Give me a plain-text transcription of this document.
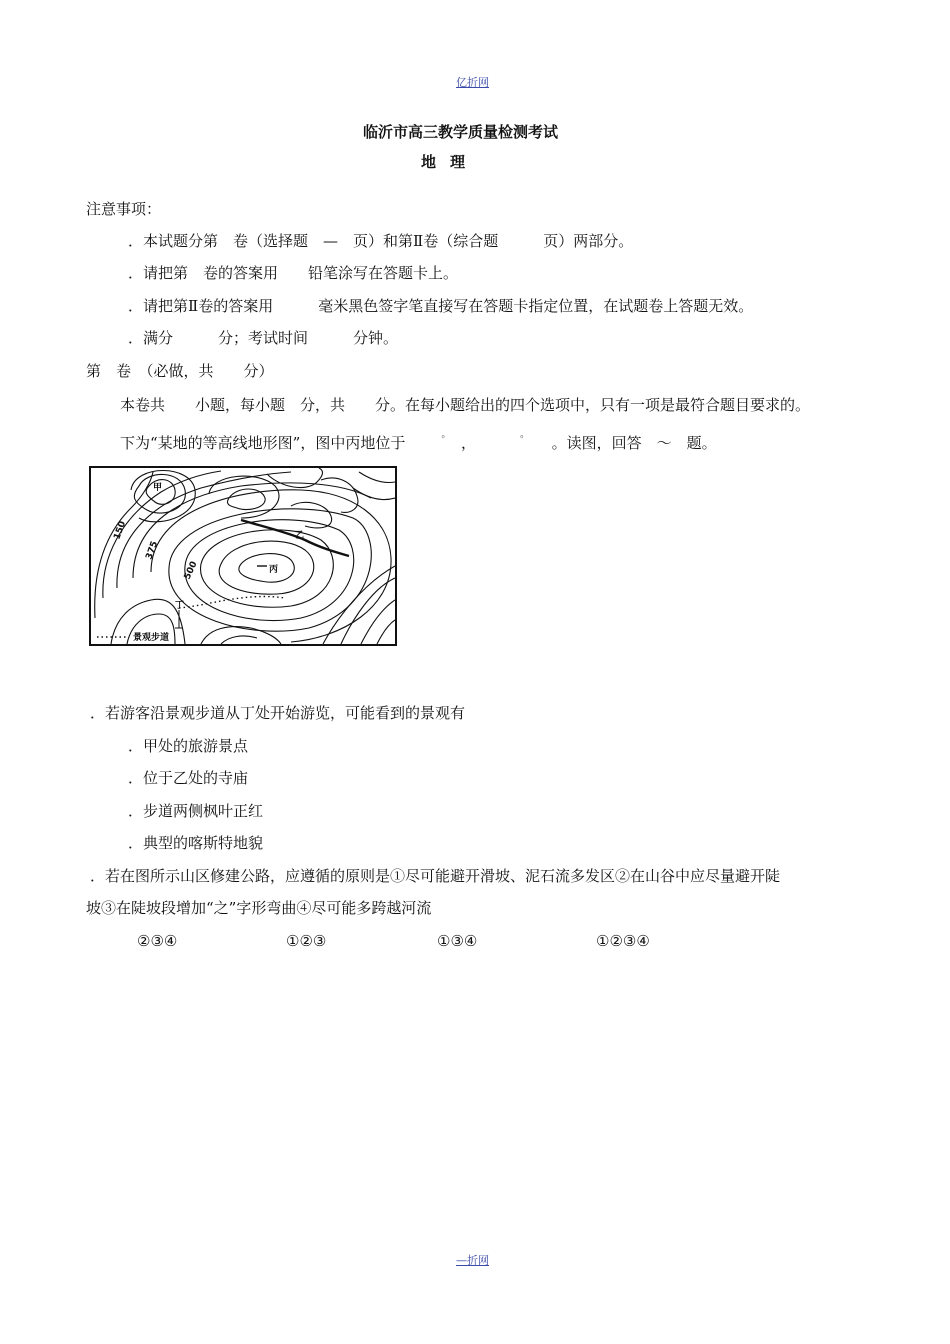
亿折网
临沂市高三教学质量检测考试
地理
注意事项：
．本试题分第　卷（选择题　—　页）和第Ⅱ卷（综合题　　　页）两部分。
．请把第　卷的答案用　　铅笔涂写在答题卡上。
．请把第Ⅱ卷的答案用　　　毫米黑色签字笔直接写在答题卡指定位置，在试题卷上答题无效。
．满分　　　分；考试时间　　　分钟。
第　卷　（必做，共　　分）
本卷共　　小题，每小题　分，共　　分。在每小题给出的四个选项中，只有一项是最符合题目要求的。
下为“某地的等高线地形图”，图中丙地位于	° ，	° 。读图，回答　～　题。
甲
乙
丙
丁
150
375
500
景观步道
．若游客沿景观步道从丁处开始游览，可能看到的景观有
．甲处的旅游景点
．位于乙处的寺庙
．步道两侧枫叶正红
．典型的喀斯特地貌
．若在图所示山区修建公路，应遵循的原则是①尽可能避开滑坡、泥石流多发区②在山谷中应尽量避开陡
坡③在陡坡段增加“之”字形弯曲④尽可能多跨越河流
②③④	①②③	①③④	①②③④
—折网
